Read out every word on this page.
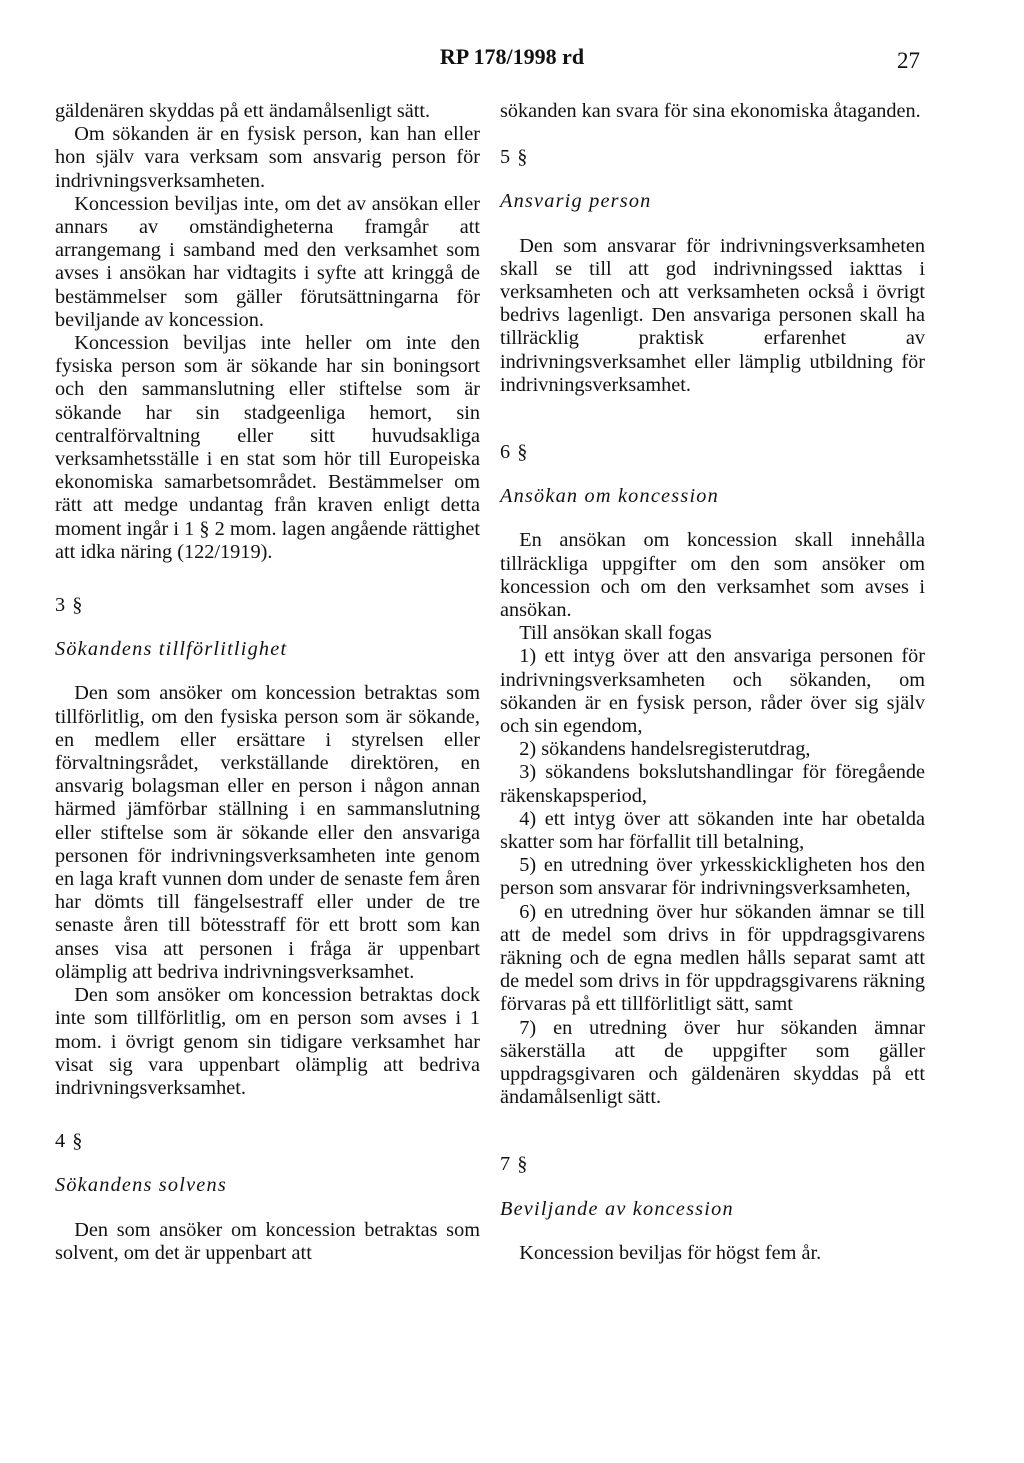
RP 178/1998 rd	27

gäldenären skyddas på ett ändamålsenligt sätt.

Om sökanden är en fysisk person, kan han eller hon själv vara verksam som ansvarig person för indrivningsverksamheten.

Koncession beviljas inte, om det av ansökan eller annars av omständigheterna framgår att arrangemang i samband med den verksamhet som avses i ansökan har vidtagits i syfte att kringgå de bestämmelser som gäller förutsättningarna för beviljande av koncession.

Koncession beviljas inte heller om inte den fysiska person som är sökande har sin boningsort och den sammanslutning eller stiftelse som är sökande har sin stadgeenliga hemort, sin centralförvaltning eller sitt huvudsakliga verksamhetsställe i en stat som hör till Europeiska ekonomiska samarbetsområdet. Bestämmelser om rätt att medge undantag från kraven enligt detta moment ingår i 1 § 2 mom. lagen angående rättighet att idka näring (122/1919).

3 §

Sökandens tillförlitlighet

Den som ansöker om koncession betraktas som tillförlitlig, om den fysiska person som är sökande, en medlem eller ersättare i styrelsen eller förvaltningsrådet, verkställande direktören, en ansvarig bolagsman eller en person i någon annan härmed jämförbar ställning i en sammanslutning eller stiftelse som är sökande eller den ansvariga personen för indrivningsverksamheten inte genom en laga kraft vunnen dom under de senaste fem åren har dömts till fängelsestraff eller under de tre senaste åren till bötesstraff för ett brott som kan anses visa att personen i fråga är uppenbart olämplig att bedriva indrivningsverksamhet.

Den som ansöker om koncession betraktas dock inte som tillförlitlig, om en person som avses i 1 mom. i övrigt genom sin tidigare verksamhet har visat sig vara uppenbart olämplig att bedriva indrivningsverksamhet.

4 §

Sökandens solvens

Den som ansöker om koncession betraktas som solvent, om det är uppenbart att

sökanden kan svara för sina ekonomiska åtaganden.

5 §

Ansvarig person

Den som ansvarar för indrivningsverksamheten skall se till att god indrivningssed iakttas i verksamheten och att verksamheten också i övrigt bedrivs lagenligt. Den ansvariga personen skall ha tillräcklig praktisk erfarenhet av indrivningsverksamhet eller lämplig utbildning för indrivningsverksamhet.

6 §

Ansökan om koncession

En ansökan om koncession skall innehålla tillräckliga uppgifter om den som ansöker om koncession och om den verksamhet som avses i ansökan.

Till ansökan skall fogas

1) ett intyg över att den ansvariga personen för indrivningsverksamheten och sökanden, om sökanden är en fysisk person, råder över sig själv och sin egendom,

2) sökandens handelsregisterutdrag,

3) sökandens bokslutshandlingar för föregående räkenskapsperiod,

4) ett intyg över att sökanden inte har obetalda skatter som har förfallit till betalning,

5) en utredning över yrkesskickligheten hos den person som ansvarar för indrivningsverksamheten,

6) en utredning över hur sökanden ämnar se till att de medel som drivs in för uppdragsgivarens räkning och de egna medlen hålls separat samt att de medel som drivs in för uppdragsgivarens räkning förvaras på ett tillförlitligt sätt, samt

7) en utredning över hur sökanden ämnar säkerställa att de uppgifter som gäller uppdragsgivaren och gäldenären skyddas på ett ändamålsenligt sätt.

7 §

Beviljande av koncession

Koncession beviljas för högst fem år.
